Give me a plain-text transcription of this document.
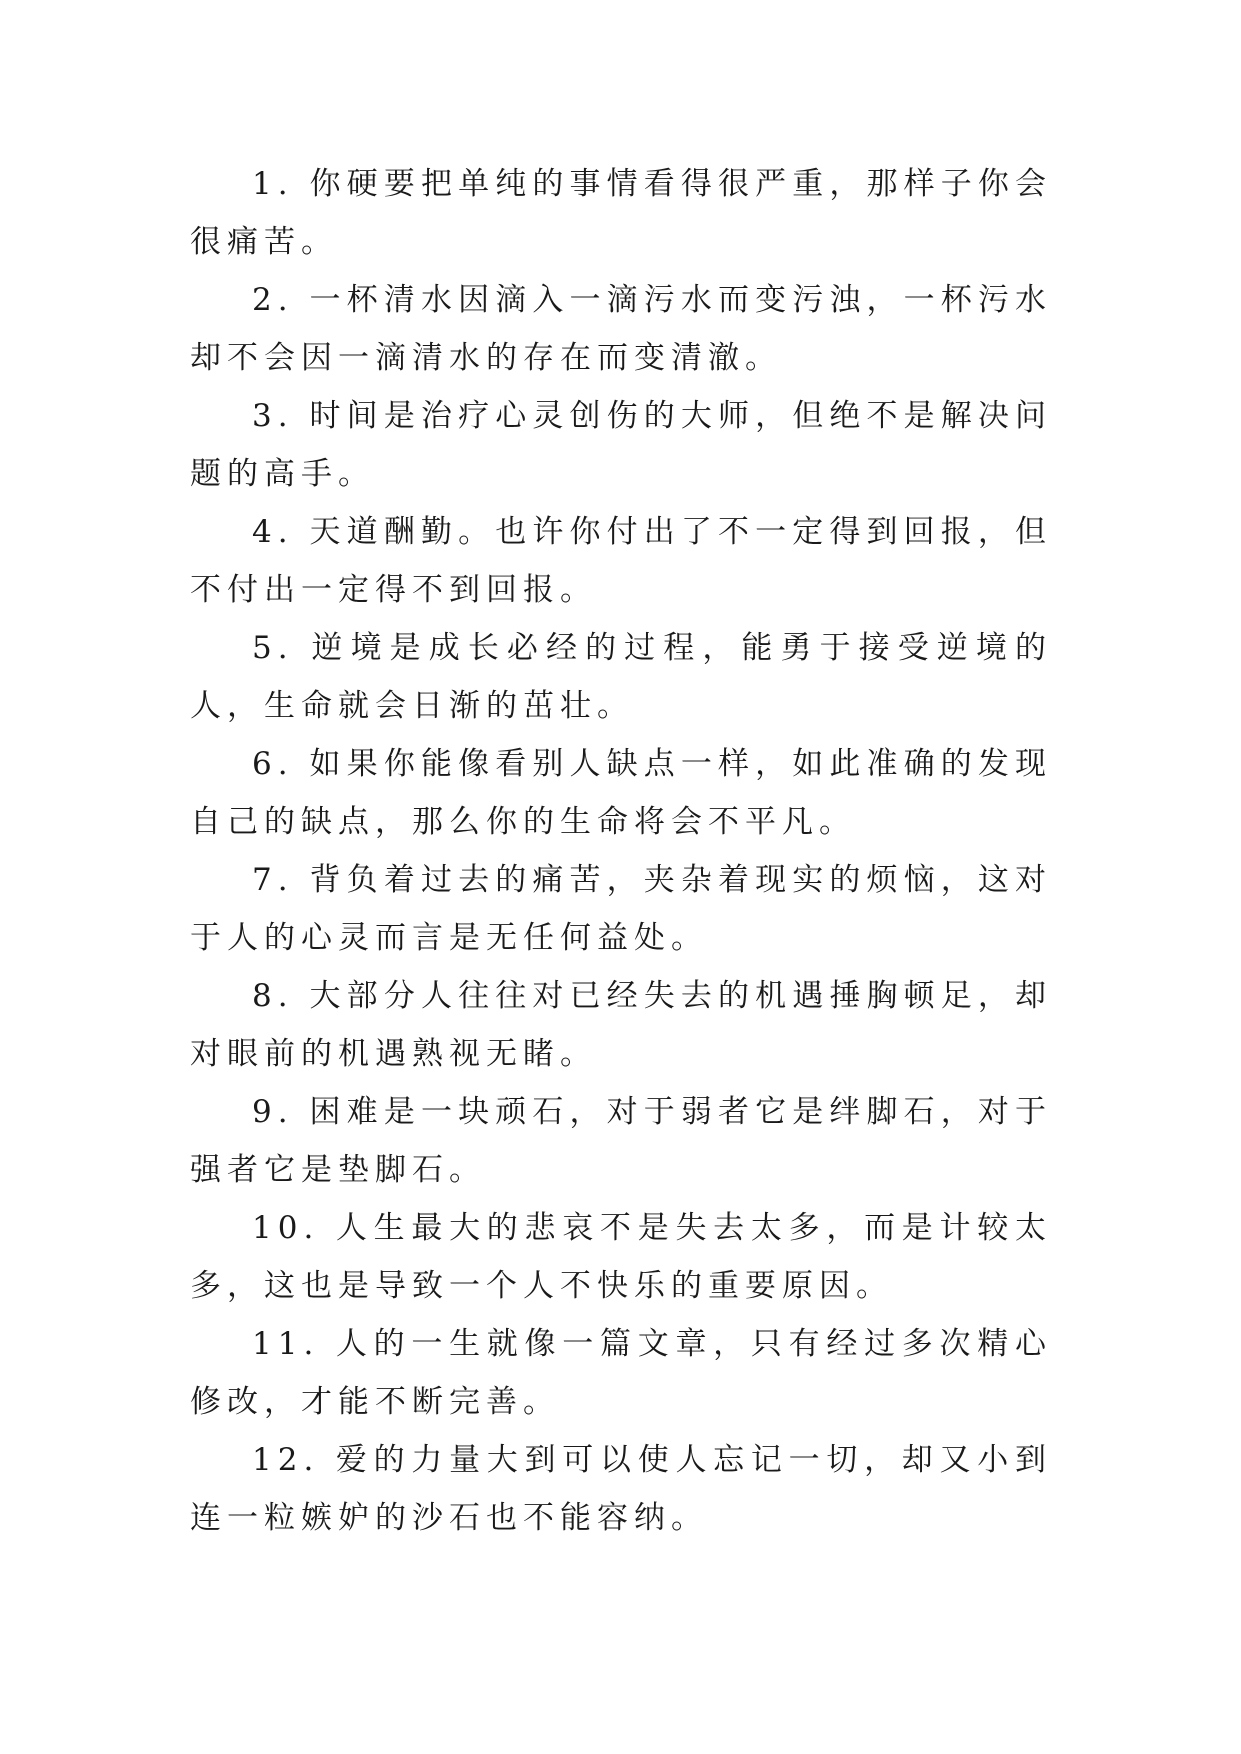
1. 你硬要把单纯的事情看得很严重，那样子你会很痛苦。

2. 一杯清水因滴入一滴污水而变污浊，一杯污水却不会因一滴清水的存在而变清澈。

3. 时间是治疗心灵创伤的大师，但绝不是解决问题的高手。

4. 天道酬勤。也许你付出了不一定得到回报，但不付出一定得不到回报。

5. 逆境是成长必经的过程，能勇于接受逆境的人，生命就会日渐的茁壮。

6. 如果你能像看别人缺点一样，如此准确的发现自己的缺点，那么你的生命将会不平凡。

7. 背负着过去的痛苦，夹杂着现实的烦恼，这对于人的心灵而言是无任何益处。

8. 大部分人往往对已经失去的机遇捶胸顿足，却对眼前的机遇熟视无睹。

9. 困难是一块顽石，对于弱者它是绊脚石，对于强者它是垫脚石。

10. 人生最大的悲哀不是失去太多，而是计较太多，这也是导致一个人不快乐的重要原因。

11. 人的一生就像一篇文章，只有经过多次精心修改，才能不断完善。

12. 爱的力量大到可以使人忘记一切，却又小到连一粒嫉妒的沙石也不能容纳。
